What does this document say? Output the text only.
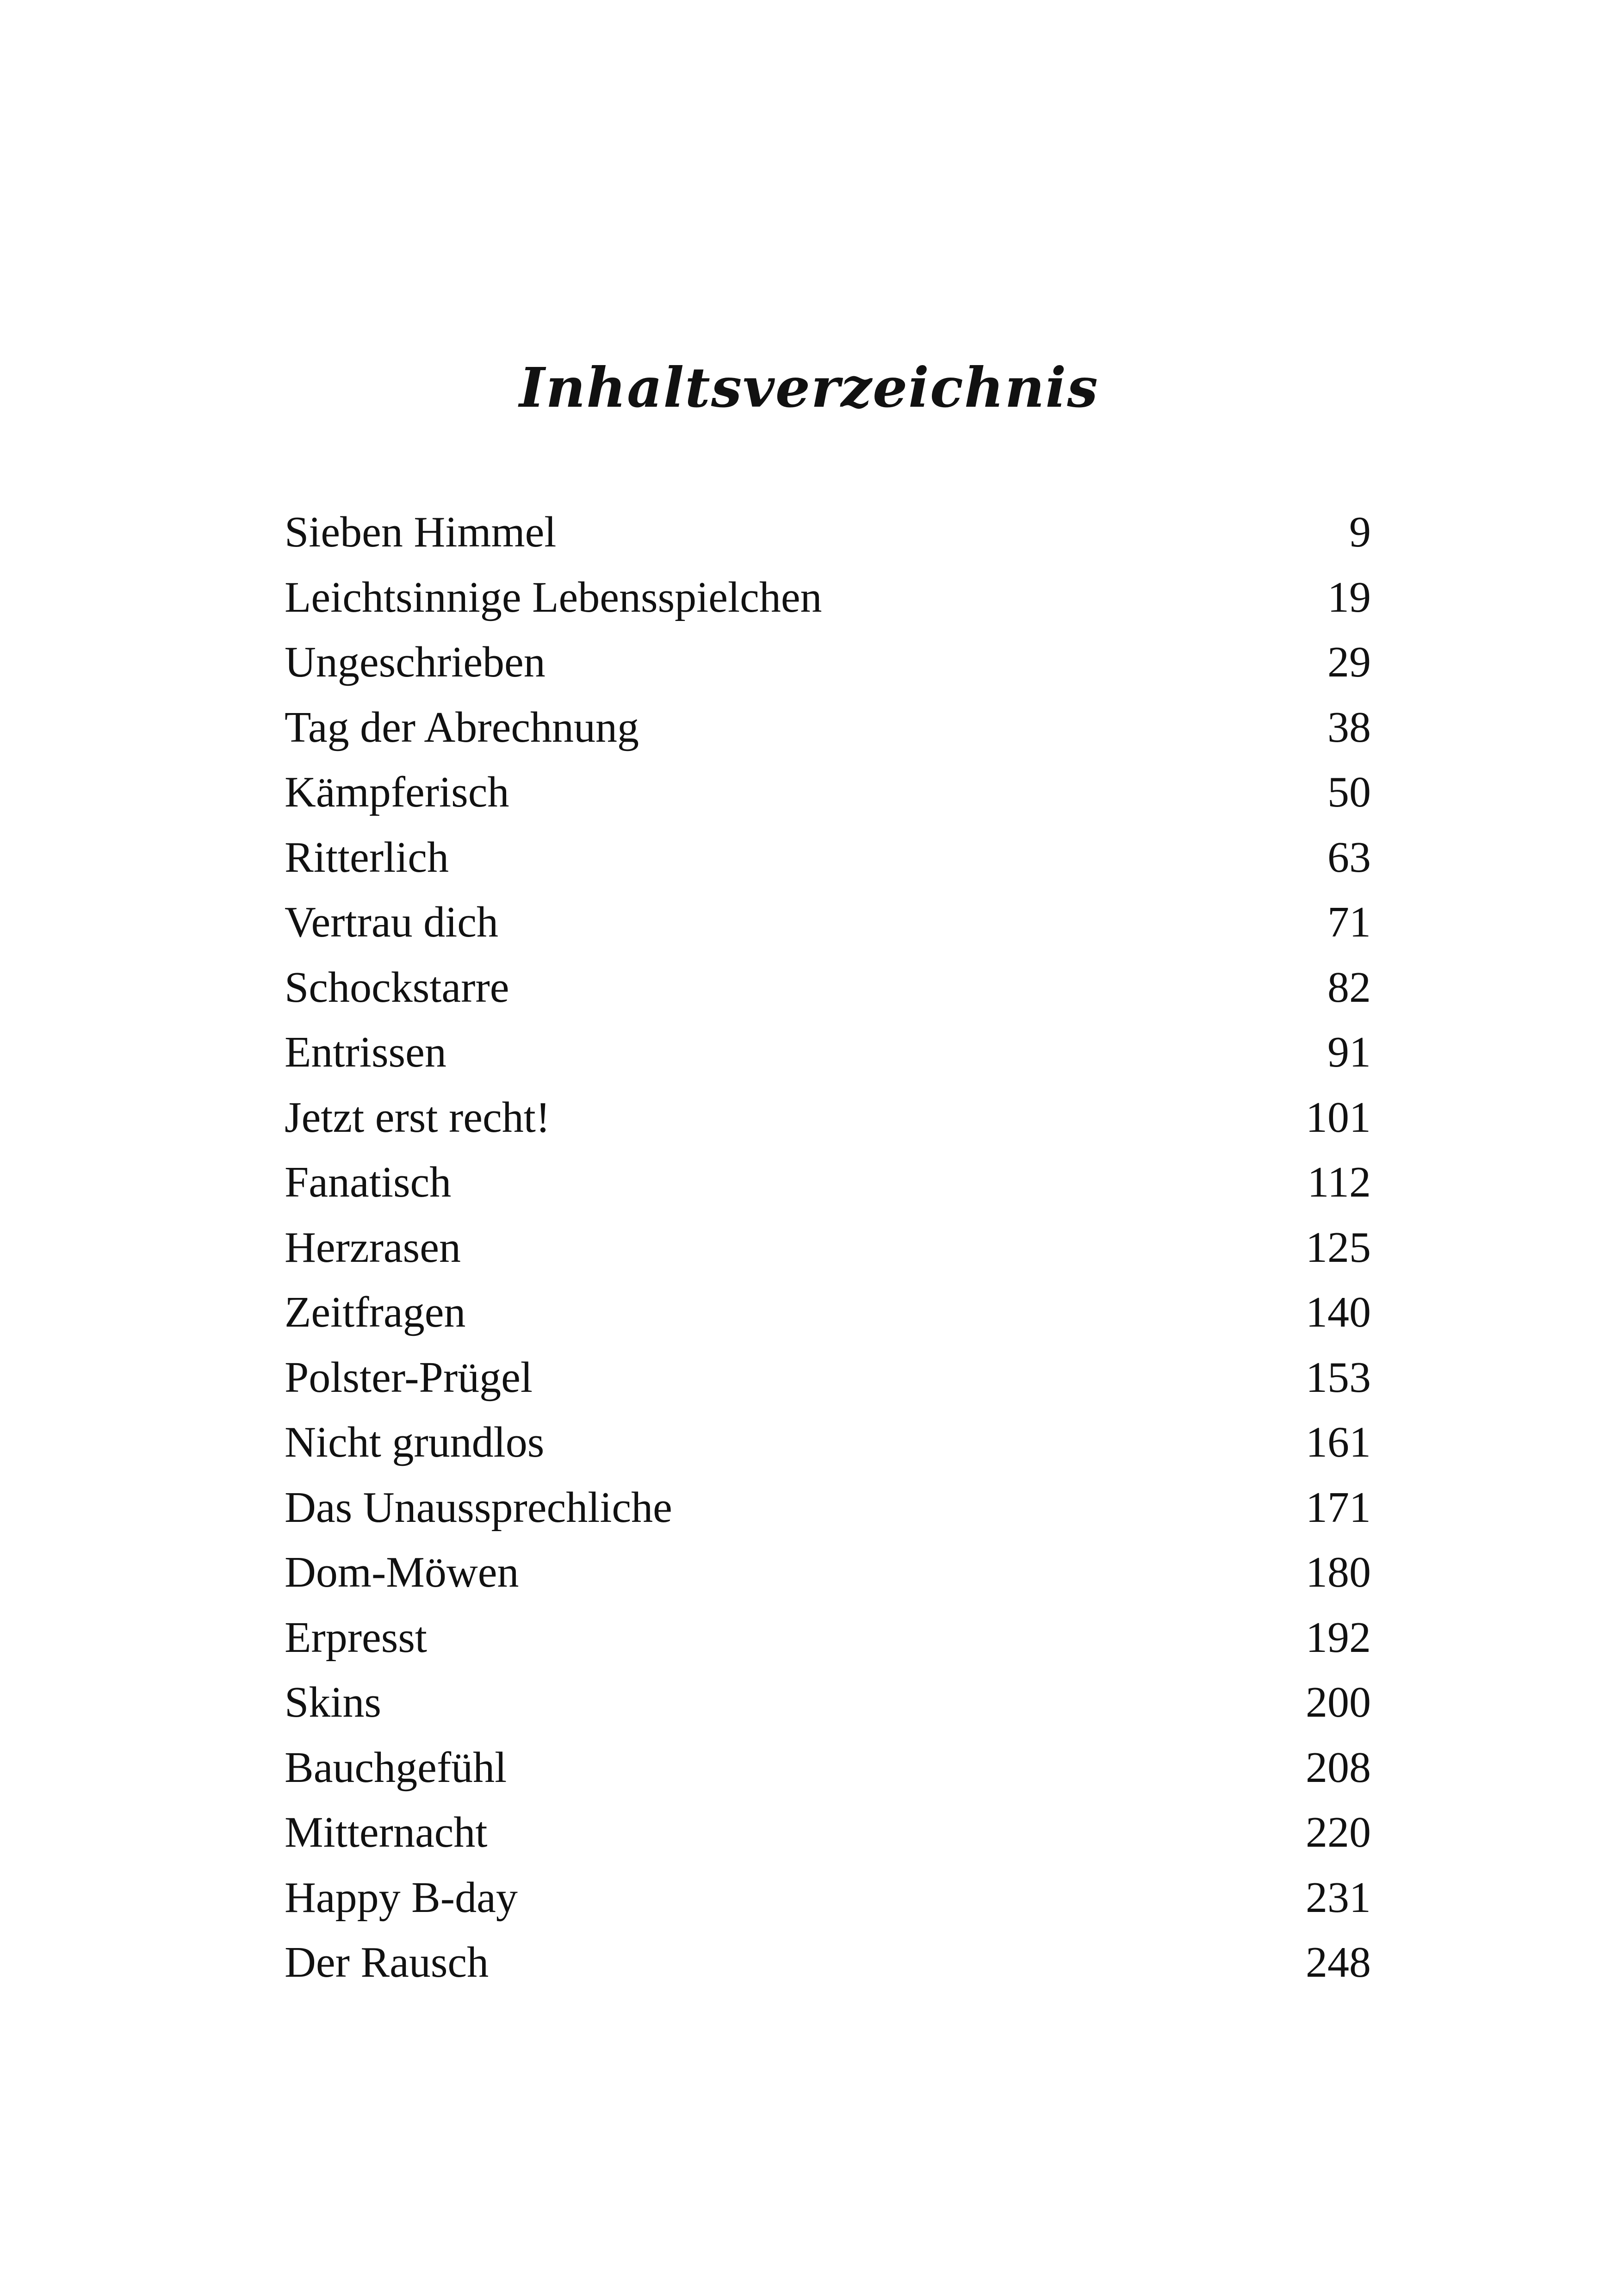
Inhaltsverzeichnis
Sieben Himmel	9
Leichtsinnige Lebensspielchen	19
Ungeschrieben	29
Tag der Abrechnung	38
Kämpferisch	50
Ritterlich	63
Vertrau dich	71
Schockstarre	82
Entrissen	91
Jetzt erst recht!	101
Fanatisch	112
Herzrasen	125
Zeitfragen	140
Polster-Prügel	153
Nicht grundlos	161
Das Unaussprechliche	171
Dom-Möwen	180
Erpresst	192
Skins	200
Bauchgefühl	208
Mitternacht	220
Happy B-day	231
Der Rausch	248
